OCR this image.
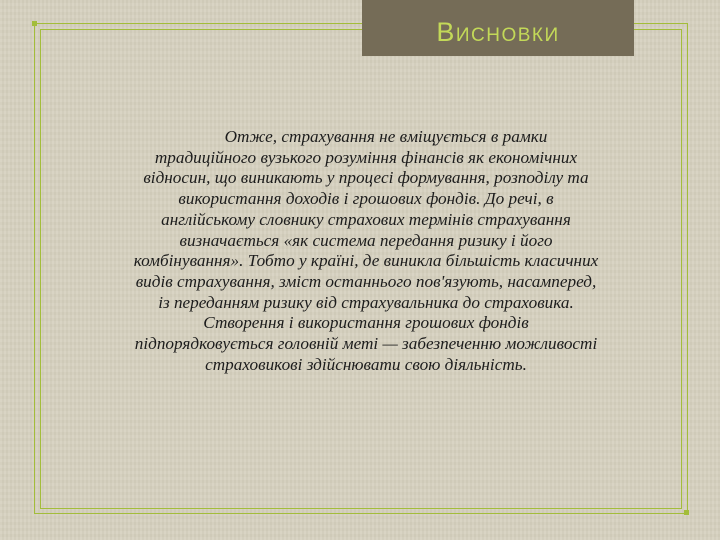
Висновки
Отже, страхування не вміщується в рамки
традиційного вузького розуміння фінансів як економічних
відносин, що виникають у процесі формування, розподілу та
використання доходів і грошових фондів. До речі, в
англійському словнику страхових термінів страхування
визначається «як система передання ризику і його
комбінування». Тобто у країні, де виникла більшість класичних
видів страхування, зміст останнього пов'язують, насамперед,
із переданням ризику від страхувальника до страховика.
Створення і використання грошових фондів
підпорядковується головній меті — забезпеченню можливості
страховикові здійснювати свою діяльність.
